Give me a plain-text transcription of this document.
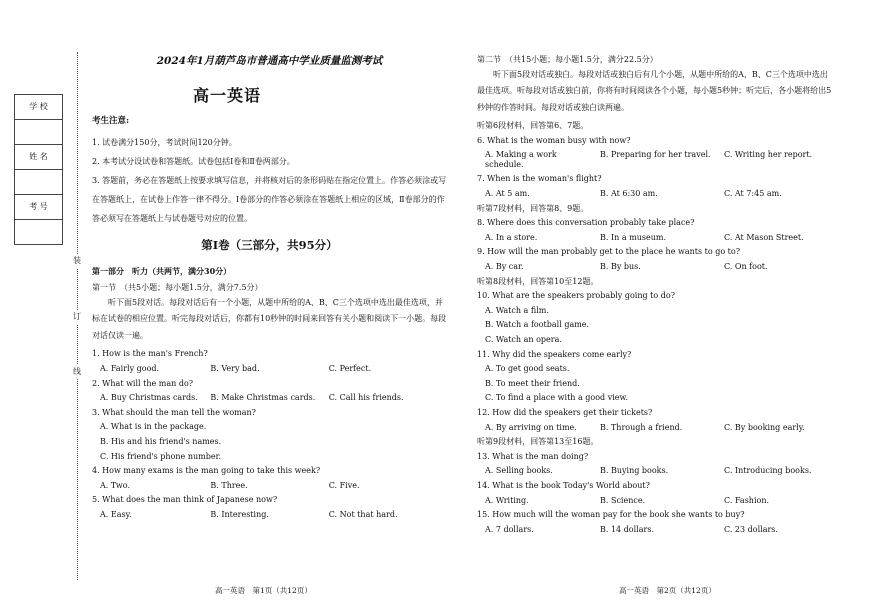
学 校

姓 名

考 号

装
订
线
2024年1月葫芦岛市普通高中学业质量监测考试
高一英语
考生注意:

1. 试卷满分150分，考试时间120分钟。

2. 本考试分设试卷和答题纸。试卷包括Ⅰ卷和Ⅱ卷两部分。

3. 答题前，务必在答题纸上按要求填写信息，并将核对后的条形码贴在指定位置上。作答必须涂或写在答题纸上，在试卷上作答一律不得分。Ⅰ卷部分的作答必须涂在答题纸上相应的区域，Ⅱ卷部分的作答必须写在答题纸上与试卷题号对应的位置。

第Ⅰ卷（三部分，共95分）
第一部分　听力（共两节，满分30分）
第一节　（共5小题；每小题1.5分，满分7.5分）

听下面5段对话。每段对话后有一个小题，从题中所给的A、B、C三个选项中选出最佳选项，并标在试卷的相应位置。听完每段对话后，你都有10秒钟的时间来回答有关小题和阅读下一小题。每段对话仅读一遍。

1. How is the man's French?
A. Fairly good.	B. Very bad.	C. Perfect.
2. What will the man do?
A. Buy Christmas cards.	B. Make Christmas cards.	C. Call his friends.
3. What should the man tell the woman?
A. What is in the package.
B. His and his friend's names.
C. His friend's phone number.
4. How many exams is the man going to take this week?
A. Two.	B. Three.	C. Five.
5. What does the man think of Japanese now?
A. Easy.	B. Interesting.	C. Not that hard.
第二节　（共15小题；每小题1.5分，满分22.5分）

听下面5段对话或独白。每段对话或独白后有几个小题，从题中所给的A、B、C三个选项中选出最佳选项。听每段对话或独白前，你将有时间阅读各个小题，每小题5秒钟；听完后，各小题将给出5秒钟的作答时间。每段对话或独白读两遍。

听第6段材料，回答第6、7题。
6. What is the woman busy with now?
A. Making a work schedule.
B. Preparing for her travel.	C. Writing her report.
7. When is the woman's flight?
A. At 5 am.	B. At 6:30 am.	C. At 7:45 am.
听第7段材料，回答第8、9题。
8. Where does this conversation probably take place?
A. In a store.	B. In a museum.	C. At Mason Street.
9. How will the man probably get to the place he wants to go to?
A. By car.	B. By bus.	C. On foot.
听第8段材料，回答第10至12题。
10. What are the speakers probably going to do?
A. Watch a film.
B. Watch a football game.
C. Watch an opera.
11. Why did the speakers come early?
A. To get good seats.
B. To meet their friend.
C. To find a place with a good view.
12. How did the speakers get their tickets?
A. By arriving on time.	B. Through a friend.	C. By booking early.
听第9段材料，回答第13至16题。
13. What is the man doing?
A. Selling books.	B. Buying books.	C. Introducing books.
14. What is the book Today's World about?
A. Writing.	B. Science.	C. Fashion.
15. How much will the woman pay for the book she wants to buy?
A. 7 dollars.	B. 14 dollars.	C. 23 dollars.
高一英语　第1页（共12页）	高一英语　第2页（共12页）
